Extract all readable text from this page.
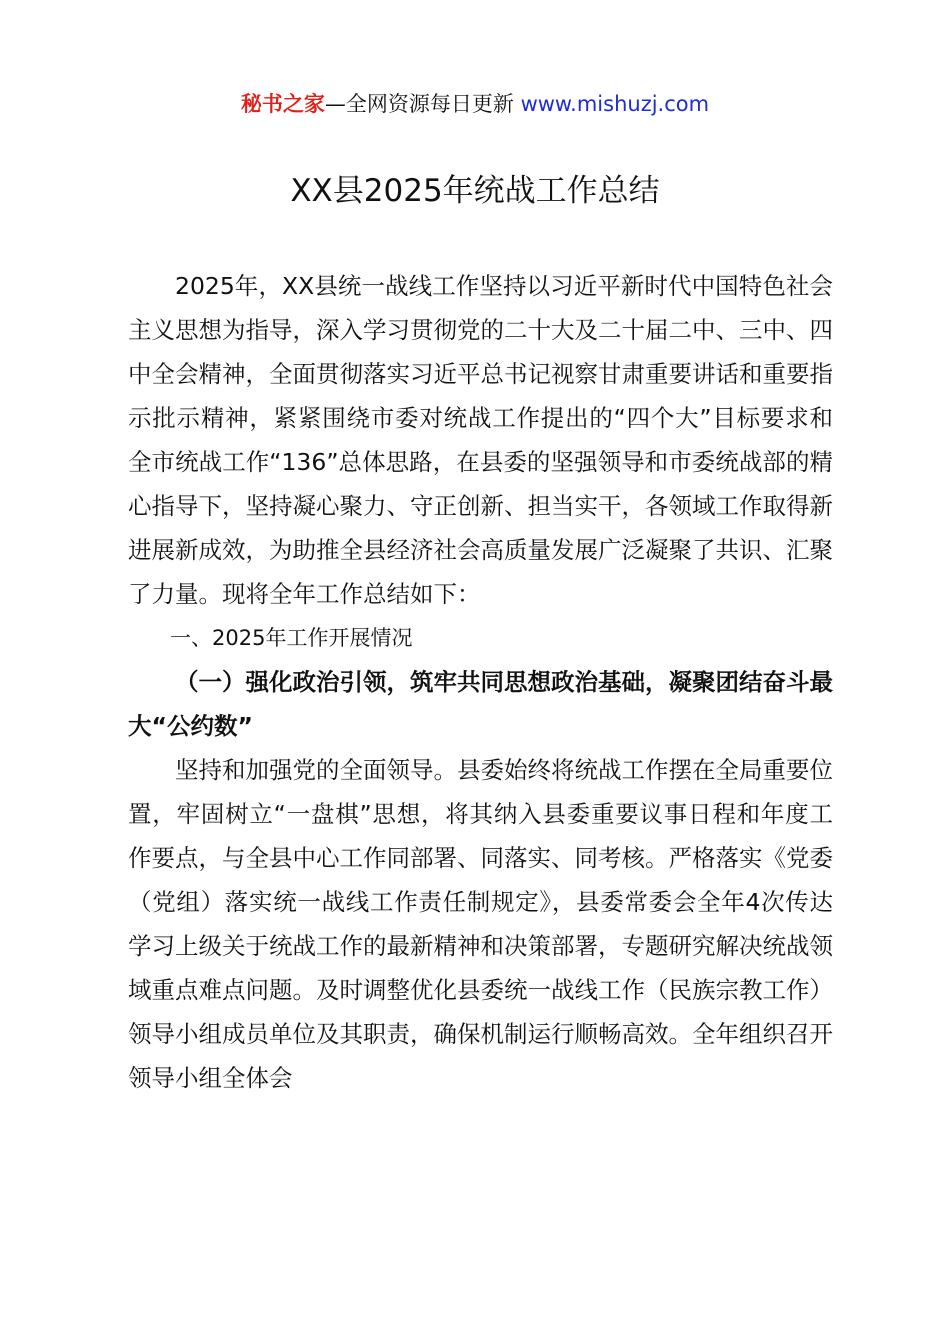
秘书之家—全网资源每日更新 www.mishuzj.com
XX县2025年统战工作总结

2025年，XX县统一战线工作坚持以习近平新时代中国特色社会主义思想为指导，深入学习贯彻党的二十大及二十届二中、三中、四中全会精神，全面贯彻落实习近平总书记视察甘肃重要讲话和重要指示批示精神，紧紧围绕市委对统战工作提出的“四个大”目标要求和全市统战工作“136”总体思路，在县委的坚强领导和市委统战部的精心指导下，坚持凝心聚力、守正创新、担当实干，各领域工作取得新进展新成效，为助推全县经济社会高质量发展广泛凝聚了共识、汇聚了力量。现将全年工作总结如下：

一、2025年工作开展情况

（一）强化政治引领，筑牢共同思想政治基础，凝聚团结奋斗最大“公约数”

坚持和加强党的全面领导。县委始终将统战工作摆在全局重要位置，牢固树立“一盘棋”思想，将其纳入县委重要议事日程和年度工作要点，与全县中心工作同部署、同落实、同考核。严格落实《党委（党组）落实统一战线工作责任制规定》，县委常委会全年4次传达学习上级关于统战工作的最新精神和决策部署，专题研究解决统战领域重点难点问题。及时调整优化县委统一战线工作（民族宗教工作）领导小组成员单位及其职责，确保机制运行顺畅高效。全年组织召开领导小组全体会
